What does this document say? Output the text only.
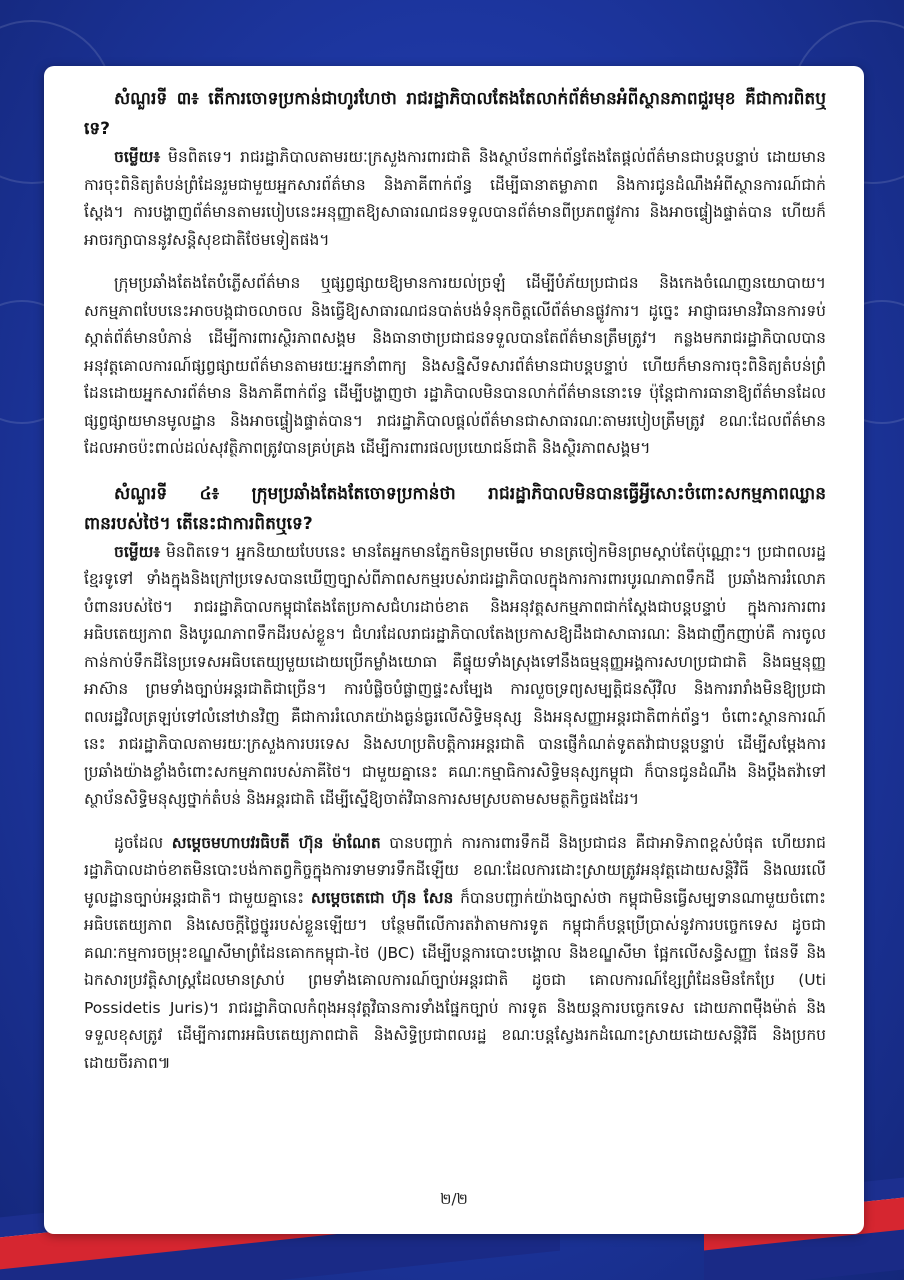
សំណួរទី ៣៖ តើការចោទប្រកាន់ជាហូរហែថា រាជរដ្ឋាភិបាលតែងតែលាក់ព័ត៌មានអំពីស្ថានភាពជួរមុខ គឺជាការពិតឬទេ?

ចម្លើយ៖ មិនពិតទេ។ រាជរដ្ឋាភិបាលតាមរយៈក្រសួងការពារជាតិ និងស្ថាប័នពាក់ព័ន្ធតែងតែផ្តល់ព័ត៌មានជាបន្តបន្ទាប់ ដោយមានការចុះពិនិត្យតំបន់ព្រំដែនរួមជាមួយអ្នកសារព័ត៌មាន និងភាគីពាក់ព័ន្ធ ដើម្បីធានាតម្លាភាព និងការជូនដំណឹងអំពីស្ថានការណ៍ជាក់ស្តែង។ ការបង្ហាញព័ត៌មានតាមរបៀបនេះអនុញ្ញាតឱ្យសាធារណជនទទួលបានព័ត៌មានពីប្រភពផ្លូវការ និងអាចផ្ទៀងផ្ទាត់បាន ហើយក៏អាចរក្សាបាននូវសន្តិសុខជាតិថែមទៀតផង។

ក្រុមប្រឆាំងតែងតែបំភ្លើសព័ត៌មាន ឬផ្សព្វផ្សាយឱ្យមានការយល់ច្រឡំ ដើម្បីបំភ័យប្រជាជន និងកេងចំណេញនយោបាយ។ សកម្មភាពបែបនេះអាចបង្កជាចលាចល និងធ្វើឱ្យសាធារណជនបាត់បង់ទំនុកចិត្តលើព័ត៌មានផ្លូវការ។ ដូច្នេះ អាជ្ញាធរមានវិធានការទប់ស្កាត់ព័ត៌មានបំភាន់ ដើម្បីការពារស្ថិរភាពសង្គម និងធានាថាប្រជាជនទទួលបានតែព័ត៌មានត្រឹមត្រូវ។ កន្លងមករាជរដ្ឋាភិបាលបានអនុវត្តគោលការណ៍ផ្សព្វផ្សាយព័ត៌មានតាមរយៈអ្នកនាំពាក្យ និងសន្និសីទសារព័ត៌មានជាបន្តបន្ទាប់ ហើយក៏មានការចុះពិនិត្យតំបន់ព្រំដែនដោយអ្នកសារព័ត៌មាន និងភាគីពាក់ព័ន្ធ ដើម្បីបង្ហាញថា រដ្ឋាភិបាលមិនបានលាក់ព័ត៌មាននោះទេ ប៉ុន្តែជាការធានាឱ្យព័ត៌មានដែលផ្សព្វផ្សាយមានមូលដ្ឋាន និងអាចផ្ទៀងផ្ទាត់បាន។ រាជរដ្ឋាភិបាលផ្តល់ព័ត៌មានជាសាធារណៈតាមរបៀបត្រឹមត្រូវ ខណៈដែលព័ត៌មានដែលអាចប៉ះពាល់ដល់សុវត្ថិភាពត្រូវបានគ្រប់គ្រង ដើម្បីការពារផលប្រយោជន៍ជាតិ និងស្ថិរភាពសង្គម។

សំណួរទី ៤៖ ក្រុមប្រឆាំងតែងតែចោទប្រកាន់ថា រាជរដ្ឋាភិបាលមិនបានធ្វើអ្វីសោះចំពោះសកម្មភាពឈ្លានពានរបស់ថៃ។ តើនេះជាការពិតឬទេ?

ចម្លើយ៖ មិនពិតទេ។ អ្នកនិយាយបែបនេះ មានតែអ្នកមានភ្នែកមិនព្រមមើល មានត្រចៀកមិនព្រមស្តាប់តែប៉ុណ្ណោះ។ ប្រជាពលរដ្ឋខ្មែរទូទៅ ទាំងក្នុងនិងក្រៅប្រទេសបានឃើញច្បាស់ពីភាពសកម្មរបស់រាជរដ្ឋាភិបាលក្នុងការការពារបូរណភាពទឹកដី ប្រឆាំងការរំលោភបំពានរបស់ថៃ។ រាជរដ្ឋាភិបាលកម្ពុជាតែងតែប្រកាសជំហរដាច់ខាត និងអនុវត្តសកម្មភាពជាក់ស្តែងជាបន្តបន្ទាប់ ក្នុងការការពារអធិបតេយ្យភាព និងបូរណភាពទឹកដីរបស់ខ្លួន។ ជំហរដែលរាជរដ្ឋាភិបាលតែងប្រកាសឱ្យដឹងជាសាធារណៈ និងជាញឹកញាប់គឺ ការចូលកាន់កាប់ទឹកដីនៃប្រទេសអធិបតេយ្យមួយដោយប្រើកម្លាំងយោធា គឺផ្ទុយទាំងស្រុងទៅនឹងធម្មនុញ្ញអង្គការសហប្រជាជាតិ និងធម្មនុញ្ញអាស៊ាន ព្រមទាំងច្បាប់អន្តរជាតិជាច្រើន។ ការបំផ្លិចបំផ្លាញផ្ទះសម្បែង ការលួចទ្រព្យសម្បត្តិជនស៊ីវិល និងការរារាំងមិនឱ្យប្រជាពលរដ្ឋវិលត្រឡប់ទៅលំនៅឋានវិញ គឺជាការរំលោភយ៉ាងធ្ងន់ធ្ងរលើសិទ្ធិមនុស្ស និងអនុសញ្ញាអន្តរជាតិពាក់ព័ន្ធ។ ចំពោះស្ថានការណ៍នេះ រាជរដ្ឋាភិបាលតាមរយៈក្រសួងការបរទេស និងសហប្រតិបត្តិការអន្តរជាតិ បានផ្ញើកំណត់ទូតតវ៉ាជាបន្តបន្ទាប់ ដើម្បីសម្តែងការប្រឆាំងយ៉ាងខ្លាំងចំពោះសកម្មភាពរបស់ភាគីថៃ។ ជាមួយគ្នានេះ គណៈកម្មាធិការសិទ្ធិមនុស្សកម្ពុជា ក៏បានជូនដំណឹង និងប្តឹងតវ៉ាទៅស្ថាប័នសិទ្ធិមនុស្សថ្នាក់តំបន់ និងអន្តរជាតិ ដើម្បីស្នើឱ្យចាត់វិធានការសមស្របតាមសមត្ថកិច្ចផងដែរ។

ដូចដែល សម្តេចមហាបវរធិបតី ហ៊ុន ម៉ាណែត បានបញ្ជាក់ ការការពារទឹកដី និងប្រជាជន គឺជាអាទិភាពខ្ពស់បំផុត ហើយរាជរដ្ឋាភិបាលដាច់ខាតមិនបោះបង់កាតព្វកិច្ចក្នុងការទាមទារទឹកដីឡើយ ខណៈដែលការដោះស្រាយត្រូវអនុវត្តដោយសន្តិវិធី និងឈរលើមូលដ្ឋានច្បាប់អន្តរជាតិ។ ជាមួយគ្នានេះ សម្តេចតេជោ ហ៊ុន សែន ក៏បានបញ្ជាក់យ៉ាងច្បាស់ថា កម្ពុជាមិនធ្វើសម្បទានណាមួយចំពោះអធិបតេយ្យភាព និងសេចក្តីថ្លៃថ្នូររបស់ខ្លួនឡើយ។ បន្ថែមពីលើការតវ៉ាតាមការទូត កម្ពុជាក៏បន្តប្រើប្រាស់នូវការបច្ចេកទេស ដូចជា គណៈកម្មការចម្រុះខណ្ឌសីមាព្រំដែនគោកកម្ពុជា-ថៃ (JBC) ដើម្បីបន្តការបោះបង្គោល និងខណ្ឌសីមា ផ្អែកលើសន្ធិសញ្ញា ផែនទី និងឯកសារប្រវត្តិសាស្ត្រដែលមានស្រាប់ ព្រមទាំងគោលការណ៍ច្បាប់អន្តរជាតិ ដូចជា គោលការណ៍ខ្សែព្រំដែនមិនកែប្រែ (Uti Possidetis Juris)។ រាជរដ្ឋាភិបាលកំពុងអនុវត្តវិធានការទាំងផ្នែកច្បាប់ ការទូត និងយន្តការបច្ចេកទេស ដោយភាពម៉ឺងម៉ាត់ និងទទួលខុសត្រូវ ដើម្បីការពារអធិបតេយ្យភាពជាតិ និងសិទ្ធិប្រជាពលរដ្ឋ ខណៈបន្តស្វែងរកដំណោះស្រាយដោយសន្តិវិធី និងប្រកបដោយចីរភាព៕

២/២
